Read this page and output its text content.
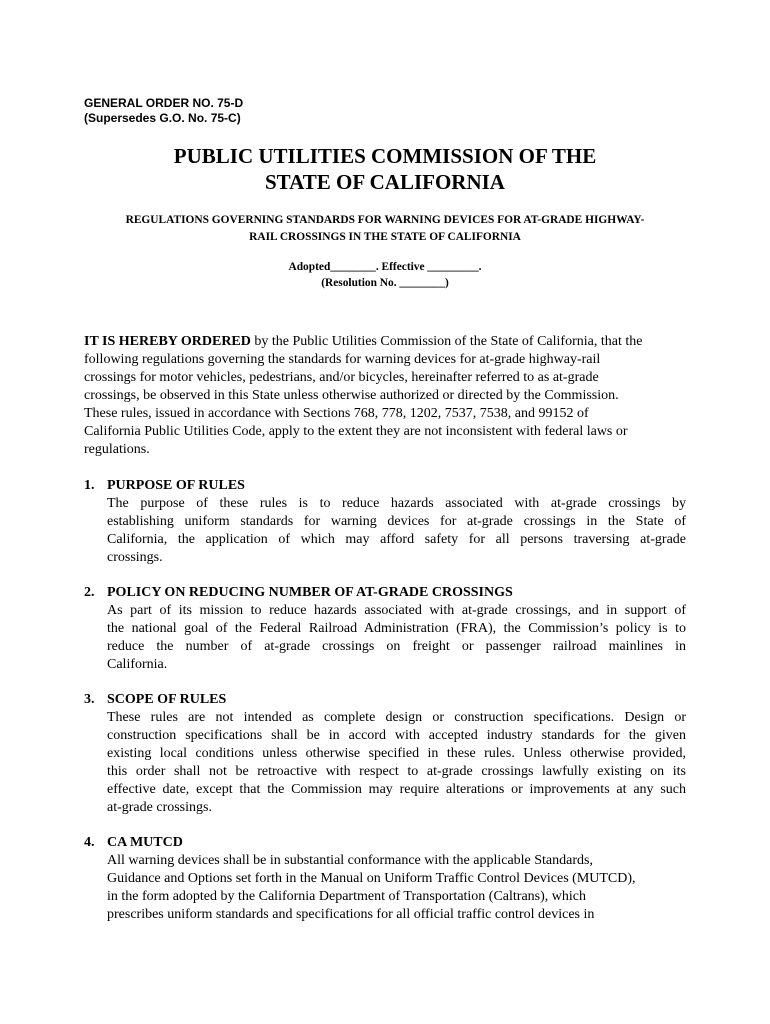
GENERAL ORDER NO. 75-D
(Supersedes G.O. No. 75-C)
PUBLIC UTILITIES COMMISSION OF THE
STATE OF CALIFORNIA
REGULATIONS GOVERNING STANDARDS FOR WARNING DEVICES FOR AT-GRADE HIGHWAY-
RAIL CROSSINGS IN THE STATE OF CALIFORNIA
Adopted________. Effective _________.
(Resolution No. ________)
IT IS HEREBY ORDERED by the Public Utilities Commission of the State of California, that the
following regulations governing the standards for warning devices for at-grade highway-rail
crossings for motor vehicles, pedestrians, and/or bicycles, hereinafter referred to as at-grade
crossings, be observed in this State unless otherwise authorized or directed by the Commission.
These rules, issued in accordance with Sections 768, 778, 1202, 7537, 7538, and 99152 of
California Public Utilities Code, apply to the extent they are not inconsistent with federal laws or
regulations.
1. PURPOSE OF RULES
The purpose of these rules is to reduce hazards associated with at-grade crossings by
establishing uniform standards for warning devices for at-grade crossings in the State of
California, the application of which may afford safety for all persons traversing at-grade
crossings.
2. POLICY ON REDUCING NUMBER OF AT-GRADE CROSSINGS
As part of its mission to reduce hazards associated with at-grade crossings, and in support of
the national goal of the Federal Railroad Administration (FRA), the Commission’s policy is to
reduce the number of at-grade crossings on freight or passenger railroad mainlines in
California.
3. SCOPE OF RULES
These rules are not intended as complete design or construction specifications. Design or
construction specifications shall be in accord with accepted industry standards for the given
existing local conditions unless otherwise specified in these rules. Unless otherwise provided,
this order shall not be retroactive with respect to at-grade crossings lawfully existing on its
effective date, except that the Commission may require alterations or improvements at any such
at-grade crossings.
4. CA MUTCD
All warning devices shall be in substantial conformance with the applicable Standards,
Guidance and Options set forth in the Manual on Uniform Traffic Control Devices (MUTCD),
in the form adopted by the California Department of Transportation (Caltrans), which
prescribes uniform standards and specifications for all official traffic control devices in
